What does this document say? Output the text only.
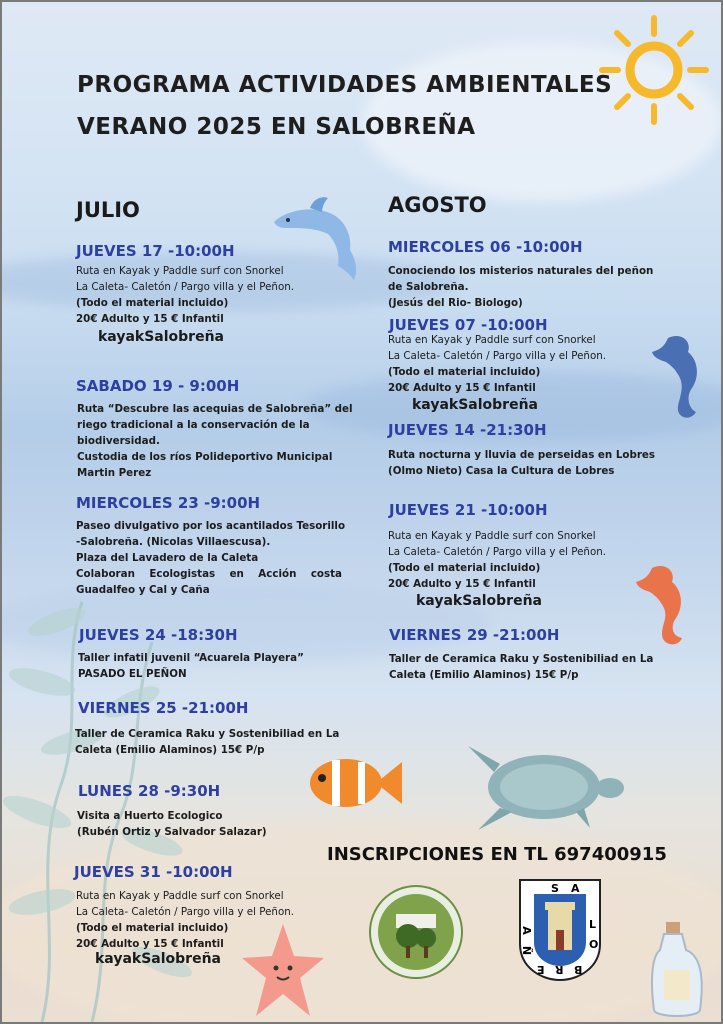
S A
L
O
B
R
E
Ñ
A
PROGRAMA ACTIVIDADES AMBIENTALES
VERANO 2025 EN SALOBREÑA
JULIO	AGOSTO
JUEVES 17 -10:00H
Ruta en Kayak y Paddle surf con Snorkel
La Caleta- Caletón / Pargo villa y el Peñon.
(Todo el material incluido)
20€ Adulto y 15 € Infantil
kayakSalobreña
SABADO 19 - 9:00H
Ruta “Descubre las acequias de Salobreña” del
riego tradicional a la conservación de la
biodiversidad.
Custodia de los ríos Polideportivo Municipal
Martin Perez
MIERCOLES 23 -9:00H
Paseo divulgativo por los acantilados Tesorillo
-Salobreña. (Nicolas Villaescusa).
Plaza del Lavadero de la Caleta
Colaboran Ecologistas en Acción costa
Guadalfeo y Cal y Caña
JUEVES 24 -18:30H
Taller infatil juvenil “Acuarela Playera”
PASADO EL PEÑON
VIERNES 25 -21:00H
Taller de Ceramica Raku y Sostenibiliad en La
Caleta (Emilio Alaminos) 15€ P/p
LUNES 28 -9:30H
Visita a Huerto Ecologico
(Rubén Ortiz y Salvador Salazar)
JUEVES 31 -10:00H
Ruta en Kayak y Paddle surf con Snorkel
La Caleta- Caletón / Pargo villa y el Peñon.
(Todo el material incluido)
20€ Adulto y 15 € Infantil
kayakSalobreña
MIERCOLES 06 -10:00H
Conociendo los misterios naturales del peñon
de Salobreña.
(Jesús del Rio- Biologo)
JUEVES 07 -10:00H
Ruta en Kayak y Paddle surf con Snorkel
La Caleta- Caletón / Pargo villa y el Peñon.
(Todo el material incluido)
20€ Adulto y 15 € Infantil
kayakSalobreña
JUEVES 14 -21:30H
Ruta nocturna y lluvia de perseidas en Lobres
(Olmo Nieto) Casa la Cultura de Lobres
JUEVES 21 -10:00H
Ruta en Kayak y Paddle surf con Snorkel
La Caleta- Caletón / Pargo villa y el Peñon.
(Todo el material incluido)
20€ Adulto y 15 € Infantil
kayakSalobreña
VIERNES 29 -21:00H
Taller de Ceramica Raku y Sostenibiliad en La
Caleta (Emilio Alaminos) 15€ P/p
INSCRIPCIONES EN TL 697400915
